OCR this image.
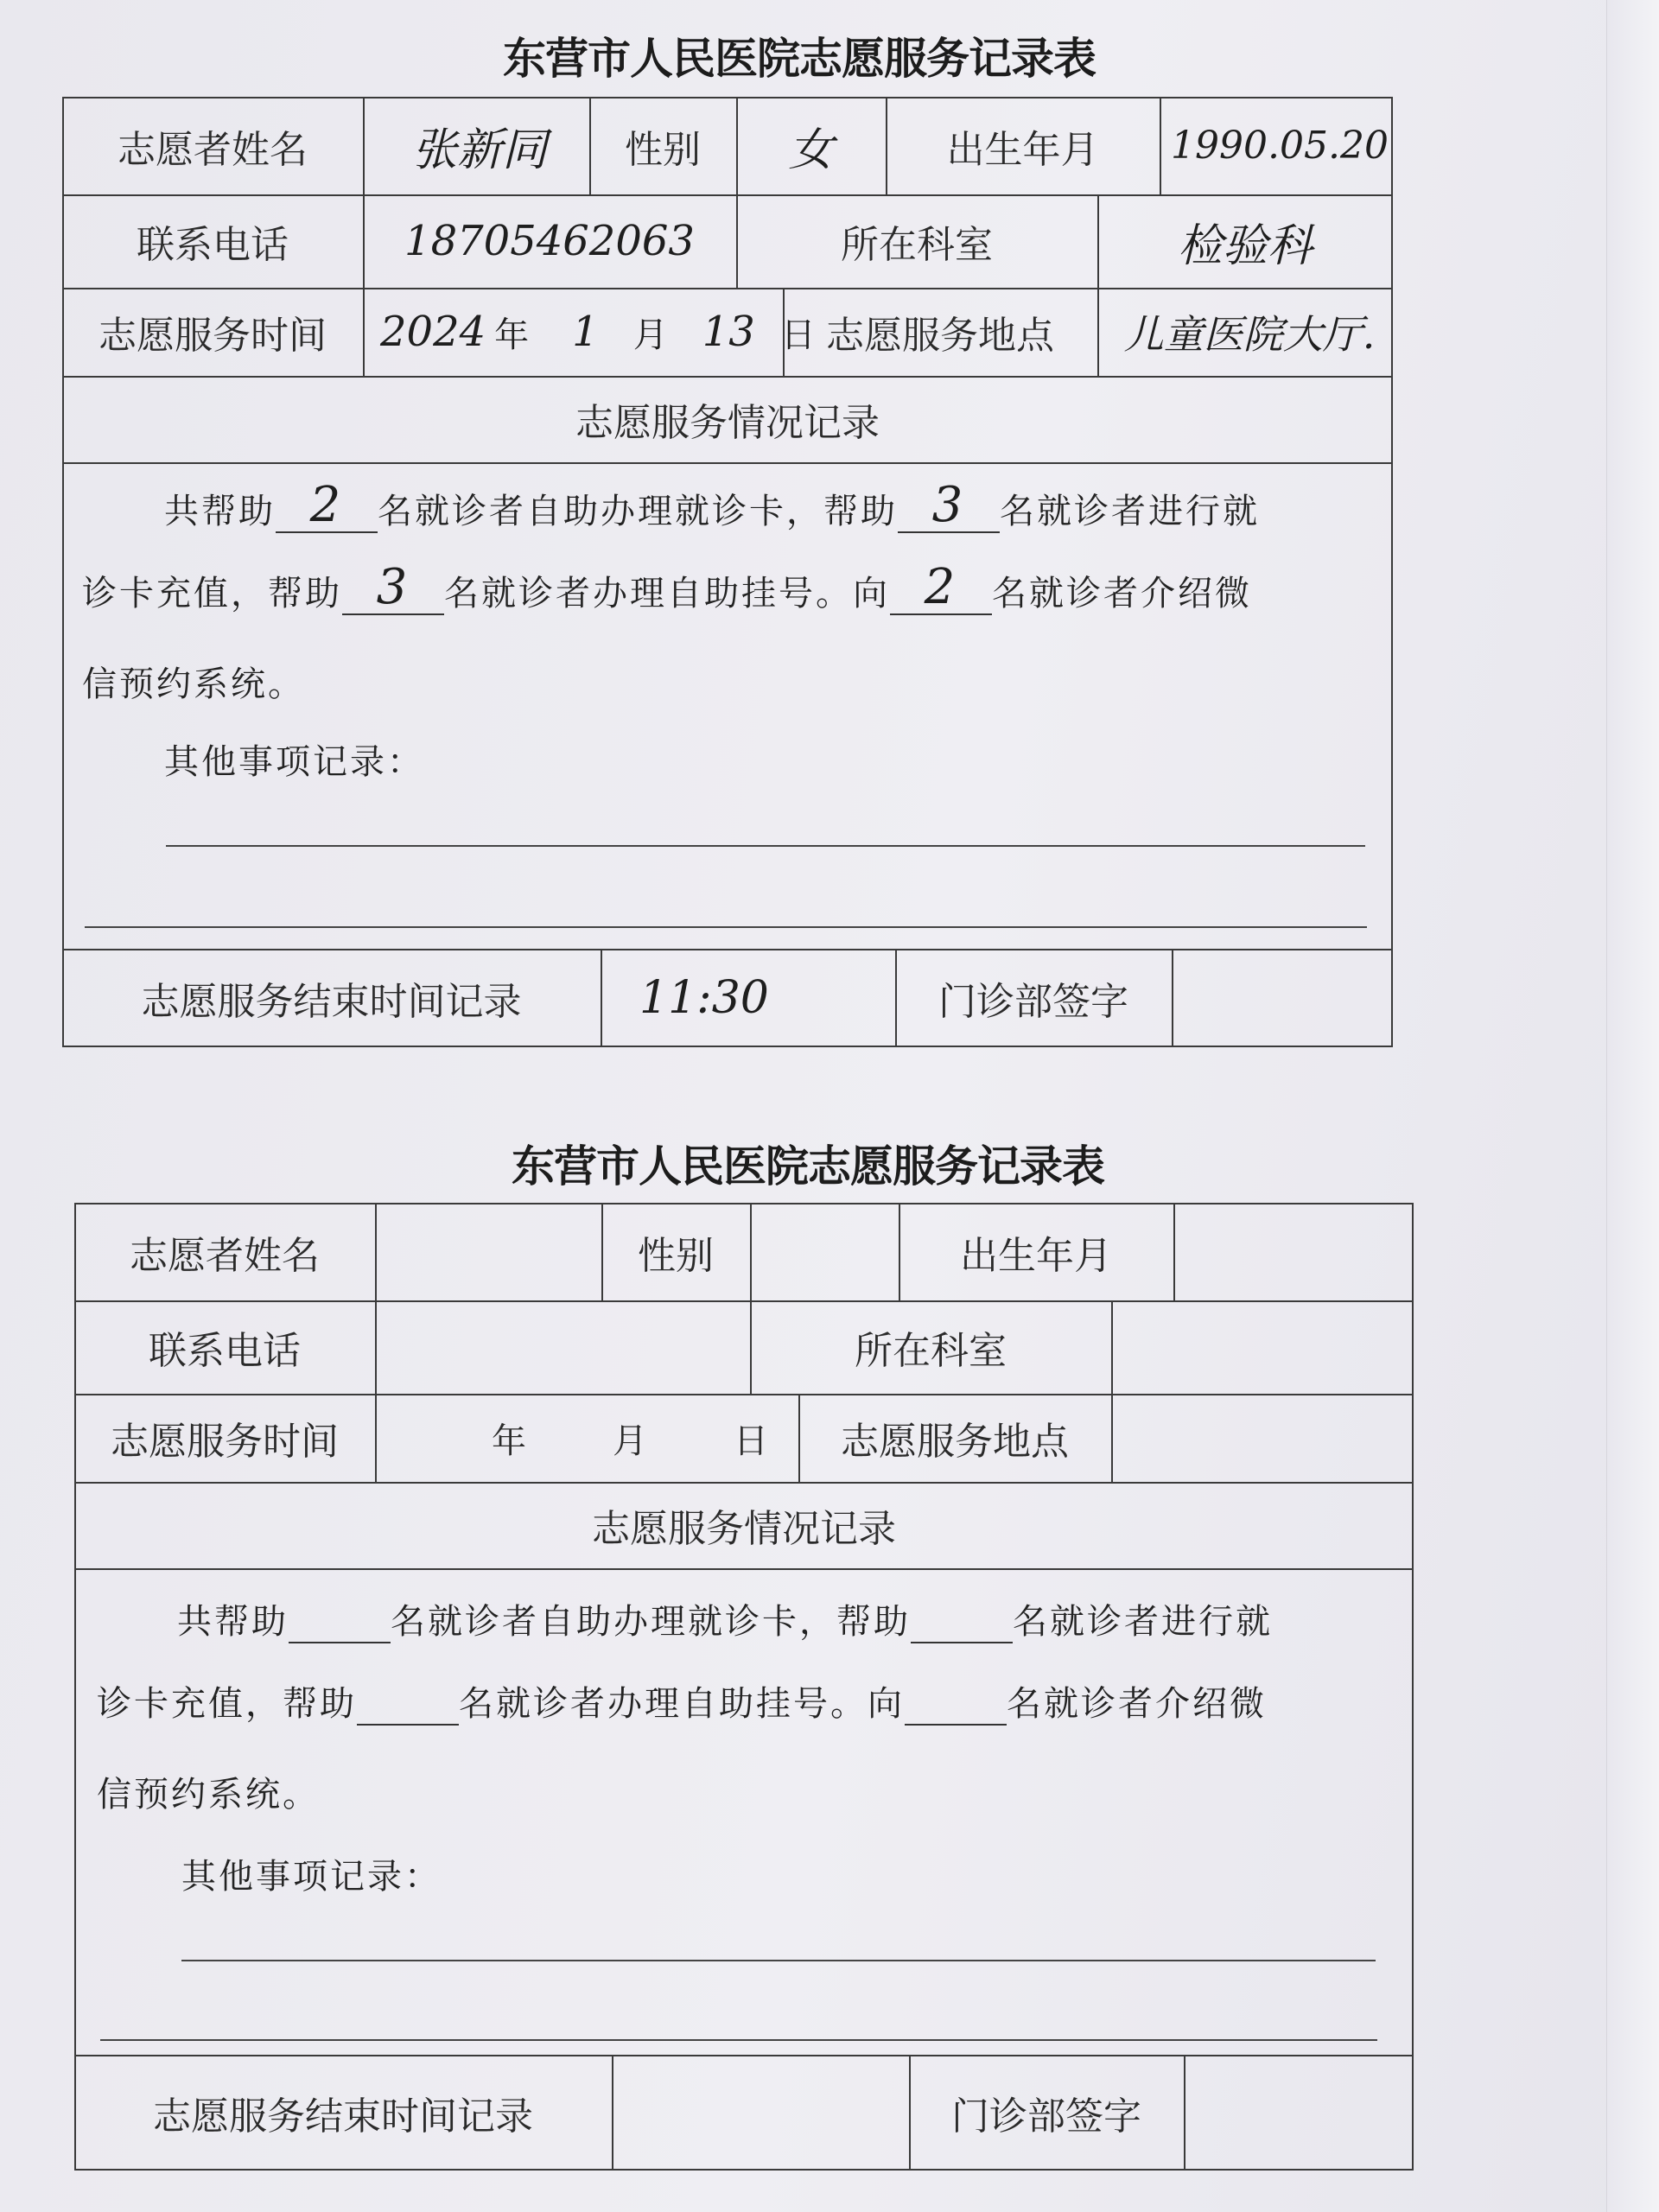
东营市人民医院志愿服务记录表
志愿者姓名	张新同	性别	女	出生年月	1990.05.20
联系电话	18705462063	所在科室	检验科
志愿服务时间	2024 年 1 月 13 日 志愿服务地点	儿童医院大厅.
志愿服务情况记录
共帮助 2 名就诊者自助办理就诊卡，帮助 3 名就诊者进行就
诊卡充值，帮助 3 名就诊者办理自助挂号。向 2 名就诊者介绍微
信预约系统。
其他事项记录：
志愿服务结束时间记录	11:30	门诊部签字
东营市人民医院志愿服务记录表
志愿者姓名	性别	出生年月
联系电话	所在科室
志愿服务时间	年	月	日	志愿服务地点
志愿服务情况记录
共帮助	名就诊者自助办理就诊卡，帮助	名就诊者进行就
诊卡充值，帮助	名就诊者办理自助挂号。向	名就诊者介绍微
信预约系统。
其他事项记录：
志愿服务结束时间记录	门诊部签字
